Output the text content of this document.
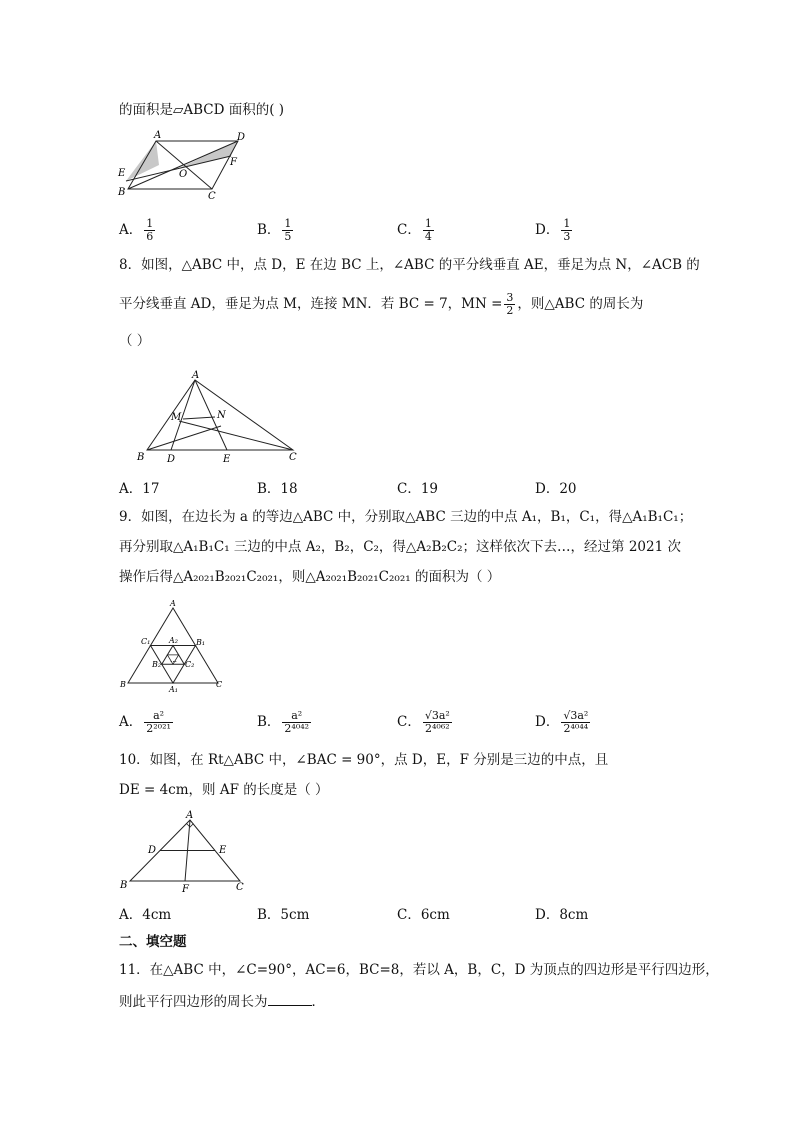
的面积是▱ABCD 面积的( )
A	D
E
F
O
B	C
A． $\frac{1}{6}$	B． $\frac{1}{5}$	C． $\frac{1}{4}$	D． $\frac{1}{3}$
8．如图，△ABC 中，点 D，E 在边 BC 上，∠ABC 的平分线垂直 AE，垂足为点 N，∠ACB 的
平分线垂直 AD，垂足为点 M，连接 MN．若 BC = 7，MN = $\frac{3}{2}$ ，则△ABC 的周长为
（ ）
A
M	N
B D	E	C
A．17	B．18	C．19	D．20
9．如图，在边长为 a 的等边△ABC 中，分别取△ABC 三边的中点 A₁，B₁，C₁，得△A₁B₁C₁；
再分别取△A₁B₁C₁ 三边的中点 A₂，B₂，C₂，得△A₂B₂C₂；这样依次下去…，经过第 2021 次
操作后得△A₂₀₂₁B₂₀₂₁C₂₀₂₁，则△A₂₀₂₁B₂₀₂₁C₂₀₂₁ 的面积为（ ）
A
C₁ A₂ B₁
B₂ … C₂
B
A₁
C
A． $\frac{\text{a²}}{\text{2²⁰²¹}}$	B． $\frac{\text{a²}}{\text{2⁴⁰⁴²}}$	C． $\frac{\text{√3a²}}{\text{2⁴⁰⁶²}}$	D． $\frac{\text{√3a²}}{\text{2⁴⁰⁴⁴}}$
10．如图，在 Rt△ABC 中，∠BAC = 90°，点 D，E，F 分别是三边的中点，且
DE = 4cm，则 AF 的长度是（ ）
A
D	E
B	F	C
A．4cm	B．5cm	C．6cm	D．8cm
二、填空题
11．在△ABC 中，∠C=90°，AC=6，BC=8，若以 A，B，C，D 为顶点的四边形是平行四边形，
则此平行四边形的周长为	．
